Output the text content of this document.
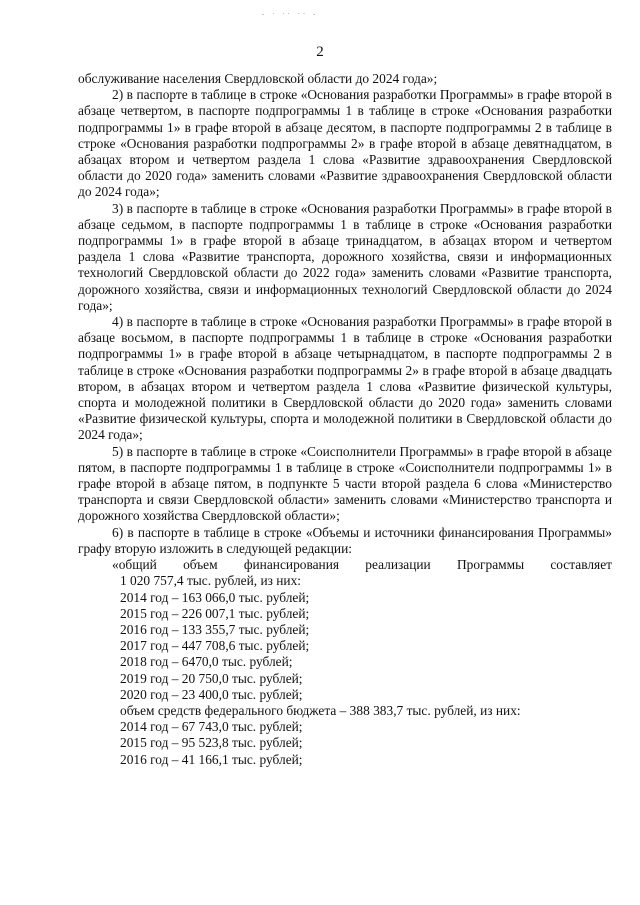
- · ·· ·· -
2

обслуживание населения Свердловской области до 2024 года»;

2) в паспорте в таблице в строке «Основания разработки Программы» в графе второй в абзаце четвертом, в паспорте подпрограммы 1 в таблице в строке «Основания разработки подпрограммы 1» в графе второй в абзаце десятом, в паспорте подпрограммы 2 в таблице в строке «Основания разработки подпрограммы 2» в графе второй в абзаце девятнадцатом, в абзацах втором и четвертом раздела 1 слова «Развитие здравоохранения Свердловской области до 2020 года» заменить словами «Развитие здравоохранения Свердловской области до 2024 года»;

3) в паспорте в таблице в строке «Основания разработки Программы» в графе второй в абзаце седьмом, в паспорте подпрограммы 1 в таблице в строке «Основания разработки подпрограммы 1» в графе второй в абзаце тринадцатом, в абзацах втором и четвертом раздела 1 слова «Развитие транспорта, дорожного хозяйства, связи и информационных технологий Свердловской области до 2022 года» заменить словами «Развитие транспорта, дорожного хозяйства, связи и информационных технологий Свердловской области до 2024 года»;

4) в паспорте в таблице в строке «Основания разработки Программы» в графе второй в абзаце восьмом, в паспорте подпрограммы 1 в таблице в строке «Основания разработки подпрограммы 1» в графе второй в абзаце четырнадцатом, в паспорте подпрограммы 2 в таблице в строке «Основания разработки подпрограммы 2» в графе второй в абзаце двадцать втором, в абзацах втором и четвертом раздела 1 слова «Развитие физической культуры, спорта и молодежной политики в Свердловской области до 2020 года» заменить словами «Развитие физической культуры, спорта и молодежной политики в Свердловской области до 2024 года»;

5) в паспорте в таблице в строке «Соисполнители Программы» в графе второй в абзаце пятом, в паспорте подпрограммы 1 в таблице в строке «Соисполнители подпрограммы 1» в графе второй в абзаце пятом, в подпункте 5 части второй раздела 6 слова «Министерство транспорта и связи Свердловской области» заменить словами «Министерство транспорта и дорожного хозяйства Свердловской области»;

6) в паспорте в таблице в строке «Объемы и источники финансирования Программы» графу вторую изложить в следующей редакции:

«общий объем финансирования реализации Программы составляет

1 020 757,4 тыс. рублей, из них:

2014 год – 163 066,0 тыс. рублей;

2015 год – 226 007,1 тыс. рублей;

2016 год – 133 355,7 тыс. рублей;

2017 год – 447 708,6 тыс. рублей;

2018 год – 6470,0 тыс. рублей;

2019 год – 20 750,0 тыс. рублей;

2020 год – 23 400,0 тыс. рублей;

объем средств федерального бюджета – 388 383,7 тыс. рублей, из них:

2014 год – 67 743,0 тыс. рублей;

2015 год – 95 523,8 тыс. рублей;

2016 год – 41 166,1 тыс. рублей;
